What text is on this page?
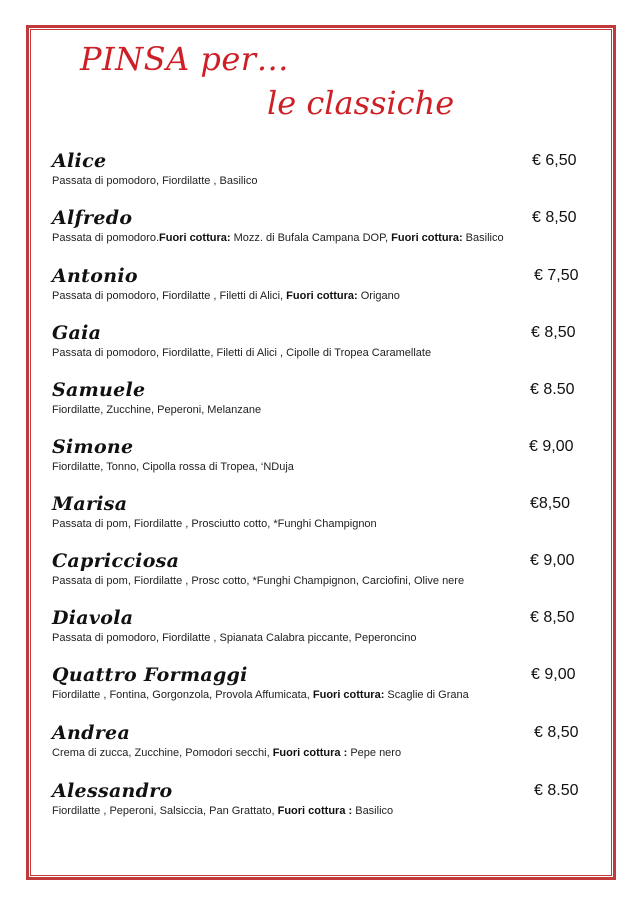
PINSA per…
le classiche
Alice	€ 6,50
Passata di pomodoro, Fiordilatte , Basilico
Alfredo	€ 8,50
Passata di pomodoro.Fuori cottura: Mozz. di Bufala Campana DOP, Fuori cottura: Basilico
Antonio	€ 7,50
Passata di pomodoro, Fiordilatte , Filetti di Alici, Fuori cottura: Origano
Gaia	€ 8,50
Passata di pomodoro, Fiordilatte, Filetti di Alici , Cipolle di Tropea Caramellate
Samuele	€ 8.50
Fiordilatte, Zucchine, Peperoni, Melanzane
Simone	€ 9,00
Fiordilatte, Tonno, Cipolla rossa di Tropea, ‘NDuja
Marisa	€8,50
Passata di pom, Fiordilatte , Prosciutto cotto, *Funghi Champignon
Capricciosa	€ 9,00
Passata di pom, Fiordilatte , Prosc cotto, *Funghi Champignon, Carciofini, Olive nere
Diavola	€ 8,50
Passata di pomodoro, Fiordilatte , Spianata Calabra piccante, Peperoncino
Quattro Formaggi	€ 9,00
Fiordilatte , Fontina, Gorgonzola, Provola Affumicata, Fuori cottura: Scaglie di Grana
Andrea	€ 8,50
Crema di zucca, Zucchine, Pomodori secchi, Fuori cottura : Pepe nero
Alessandro	€ 8.50
Fiordilatte , Peperoni, Salsiccia, Pan Grattato, Fuori cottura : Basilico
